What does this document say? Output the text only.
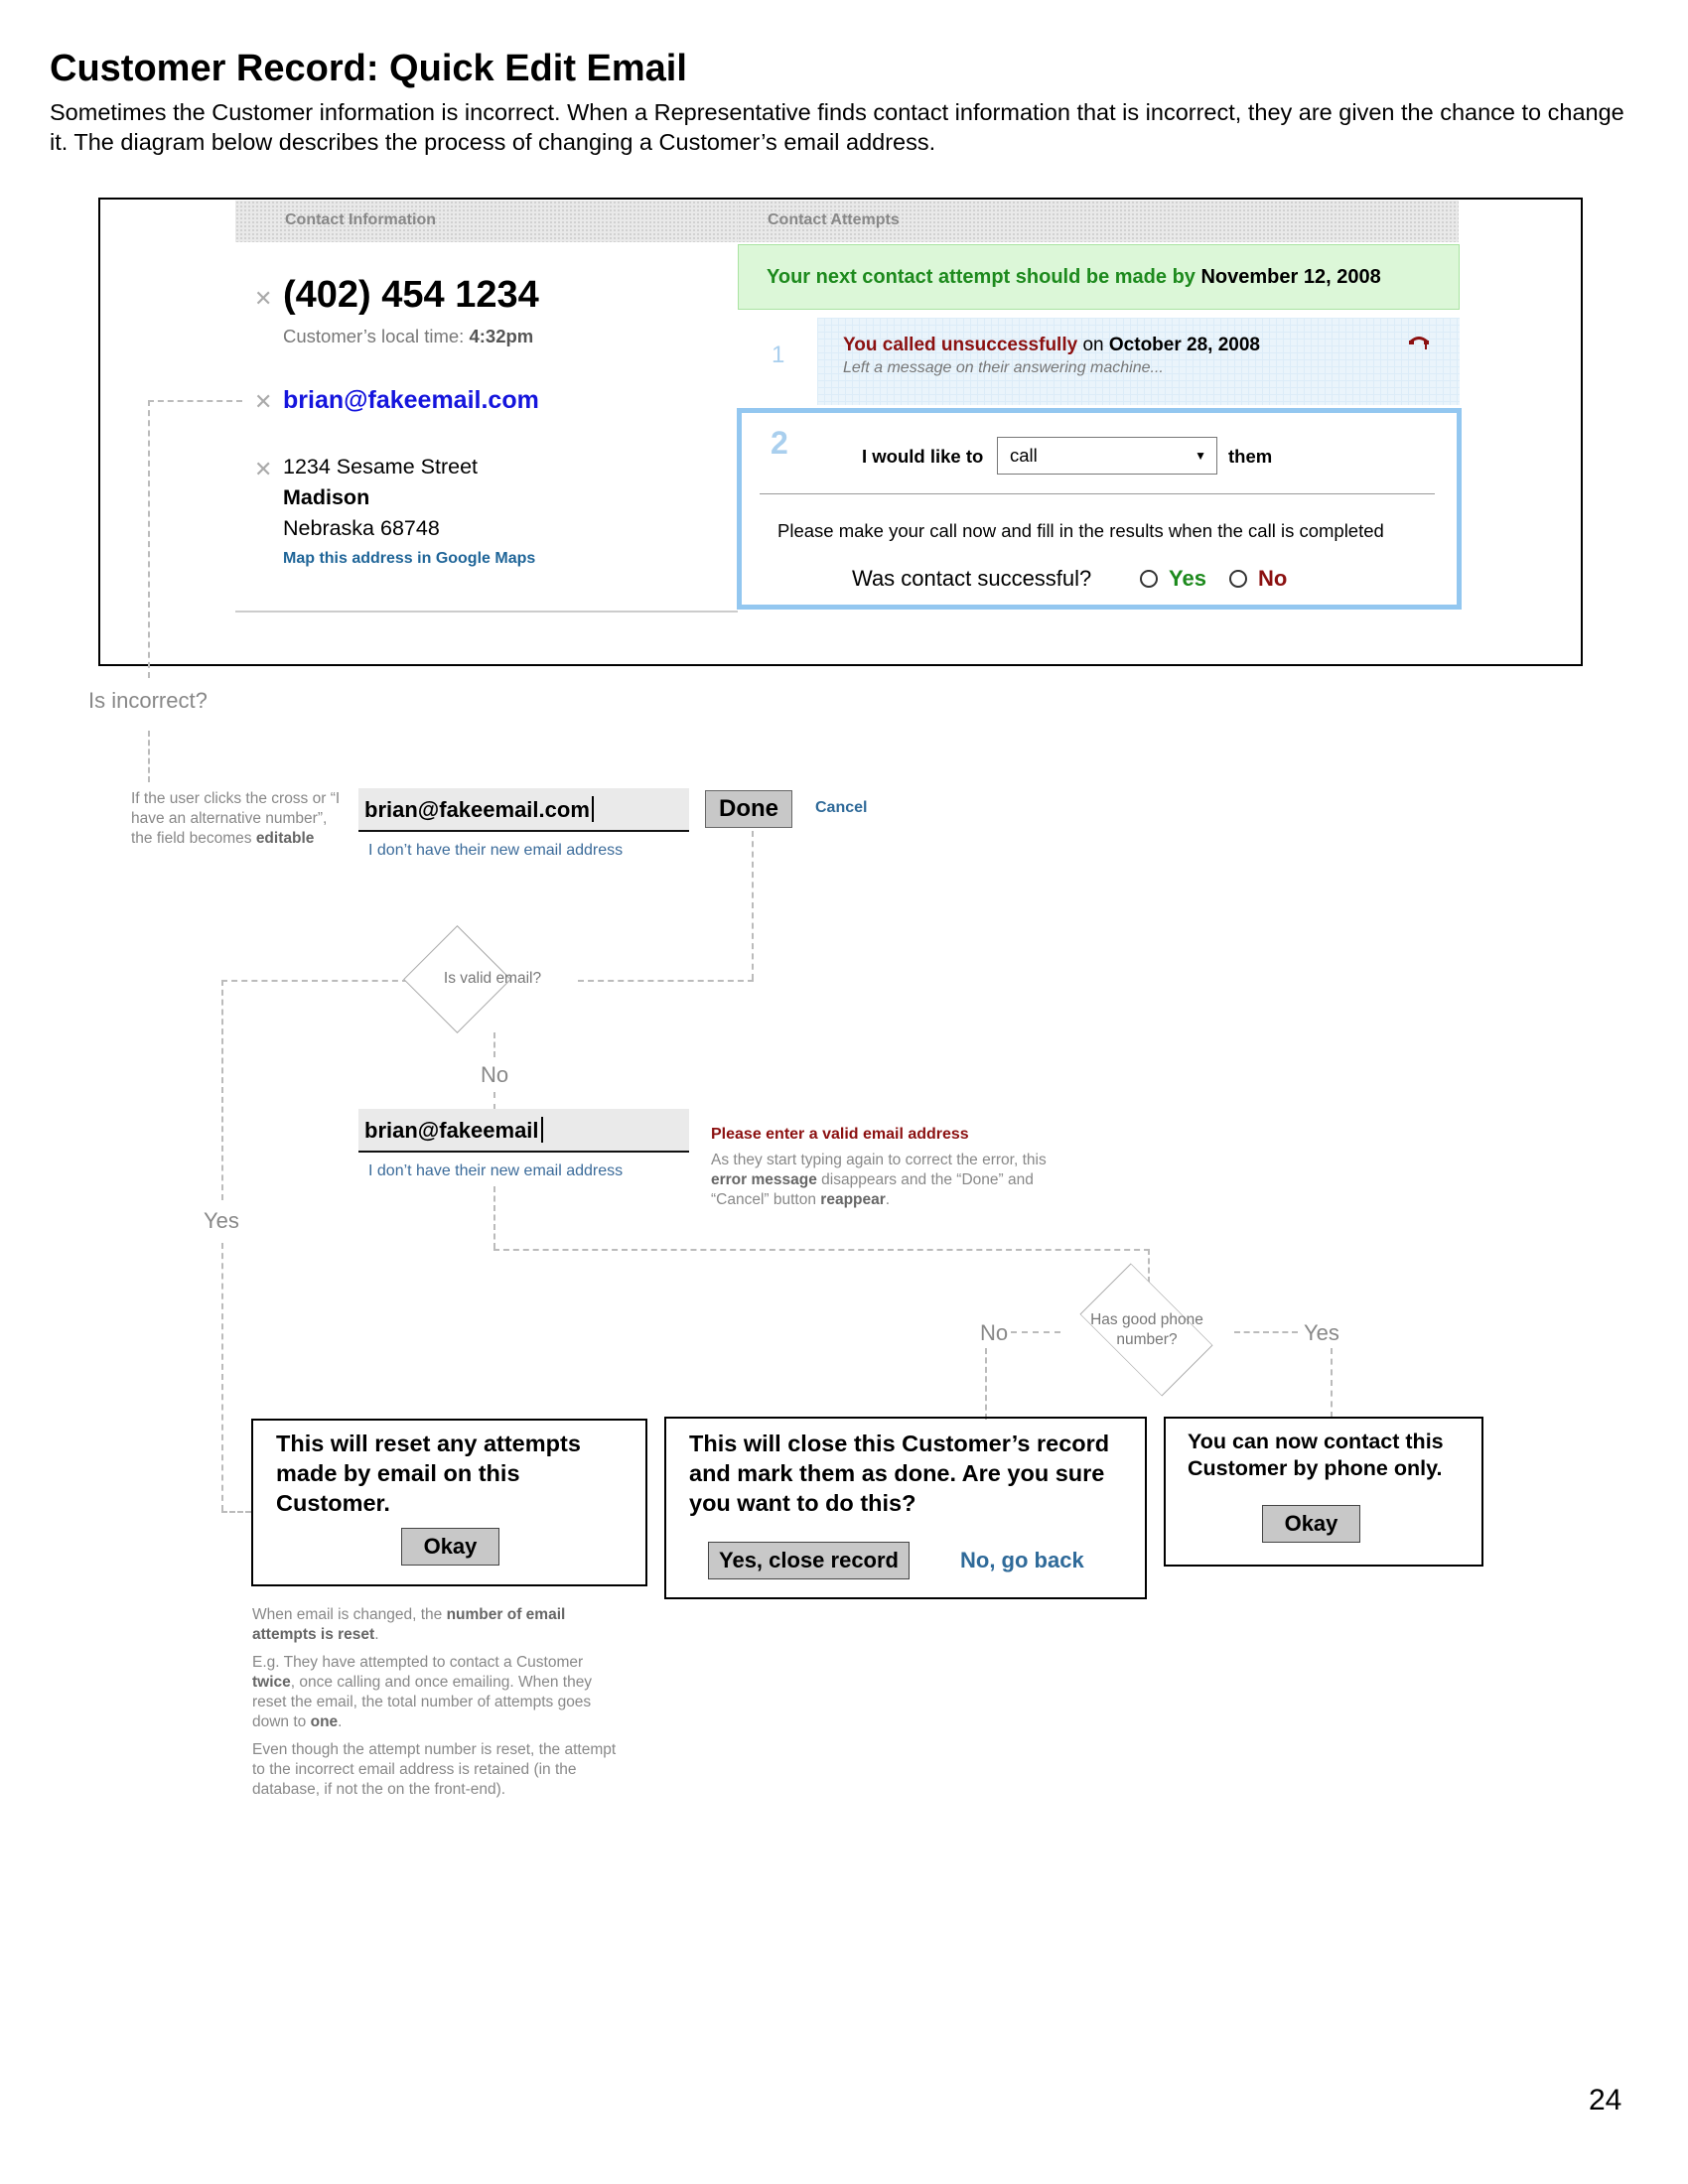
Customer Record: Quick Edit Email
Sometimes the Customer information is incorrect. When a Representative finds contact information that is incorrect, they are given the chance to change it. The diagram below describes the process of changing a Customer’s email address.
Contact Information	Contact Attempts
✕ (402) 454 1234
Customer’s local time: 4:32pm
✕ brian@fakeemail.com
✕ 1234 Sesame Street
Madison
Nebraska 68748
Map this address in Google Maps
Your next contact attempt should be made by November 12, 2008
1	You called unsuccessfully on October 28, 2008
Left a message on their answering machine...
2	I would like to	call	▼ them
Please make your call now and fill in the results when the call is completed
Was contact successful?	Yes No
Is incorrect?
If the user clicks the cross or “I have an alternative number”, the field becomes editable
brian@fakeemail.com
I don’t have their new email address
Done	Cancel
Is valid email?
No
Yes
brian@fakeemail
I don’t have their new email address
Please enter a valid email address
As they start typing again to correct the error, this error message disappears and the “Done” and “Cancel” button reappear.
Has good phone number?
No	Yes
This will reset any attempts made by email on this Customer.
Okay
This will close this Customer’s record and mark them as done. Are you sure you want to do this?
Yes, close record	No, go back
You can now contact this Customer by phone only.
Okay

When email is changed, the number of email attempts is reset.

E.g. They have attempted to contact a Customer twice, once calling and once emailing. When they reset the email, the total number of attempts goes down to one.

Even though the attempt number is reset, the attempt to the incorrect email address is retained (in the database, if not the on the front-end).

24
